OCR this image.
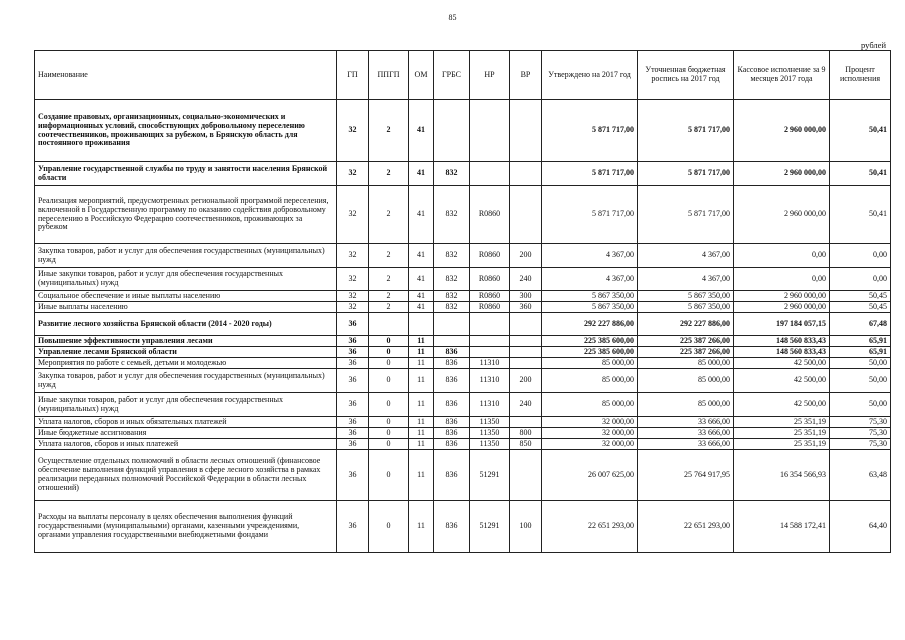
85
рублей
Наименование	ГП	ППГП	ОМ	ГРБС	НР	ВР	Утверждено на 2017 год	Уточненная бюджетная роспись на 2017 год	Кассовое исполнение за 9 месяцев 2017 года	Процент исполнения
Создание правовых, организационных, социально-экономических и информационных условий, способствующих добровольному переселению соотечественников, проживающих за рубежом, в Брянскую область для постоянного проживания	32	2	41				5 871 717,00	5 871 717,00	2 960 000,00	50,41
Управление государственной службы по труду и занятости населения Брянской области	32	2	41	832			5 871 717,00	5 871 717,00	2 960 000,00	50,41
Реализация мероприятий, предусмотренных региональной программой переселения, включенной в Государственную программу по оказанию содействия добровольному переселению в Российскую Федерацию соотечественников, проживающих за рубежом	32	2	41	832	R0860		5 871 717,00	5 871 717,00	2 960 000,00	50,41
Закупка товаров, работ и услуг для обеспечения государственных (муниципальных) нужд	32	2	41	832	R0860	200	4 367,00	4 367,00	0,00	0,00
Иные закупки товаров, работ и услуг для обеспечения государственных (муниципальных) нужд	32	2	41	832	R0860	240	4 367,00	4 367,00	0,00	0,00
Социальное обеспечение и иные выплаты населению	32	2	41	832	R0860	300	5 867 350,00	5 867 350,00	2 960 000,00	50,45
Иные выплаты населению	32	2	41	832	R0860	360	5 867 350,00	5 867 350,00	2 960 000,00	50,45
Развитие лесного хозяйства Брянской области (2014 - 2020 годы)	36						292 227 886,00	292 227 886,00	197 184 057,15	67,48
Повышение эффективности управления лесами	36	0	11				225 385 600,00	225 387 266,00	148 560 833,43	65,91
Управление лесами Брянской области	36	0	11	836			225 385 600,00	225 387 266,00	148 560 833,43	65,91
Мероприятия по работе с семьей, детьми и молодежью	36	0	11	836	11310		85 000,00	85 000,00	42 500,00	50,00
Закупка товаров, работ и услуг для обеспечения государственных (муниципальных) нужд	36	0	11	836	11310	200	85 000,00	85 000,00	42 500,00	50,00
Иные закупки товаров, работ и услуг для обеспечения государственных (муниципальных) нужд	36	0	11	836	11310	240	85 000,00	85 000,00	42 500,00	50,00
Уплата налогов, сборов и иных обязательных платежей	36	0	11	836	11350		32 000,00	33 666,00	25 351,19	75,30
Иные бюджетные ассигнования	36	0	11	836	11350	800	32 000,00	33 666,00	25 351,19	75,30
Уплата налогов, сборов и иных платежей	36	0	11	836	11350	850	32 000,00	33 666,00	25 351,19	75,30
Осуществление отдельных полномочий в области лесных отношений (финансовое обеспечение выполнения функций управления в сфере лесного хозяйства в рамках реализации переданных полномочий Российской Федерации в области лесных отношений)	36	0	11	836	51291		26 007 625,00	25 764 917,95	16 354 566,93	63,48
Расходы на выплаты персоналу в целях обеспечения выполнения функций государственными (муниципальными) органами, казенными учреждениями, органами управления государственными внебюджетными фондами	36	0	11	836	51291	100	22 651 293,00	22 651 293,00	14 588 172,41	64,40
